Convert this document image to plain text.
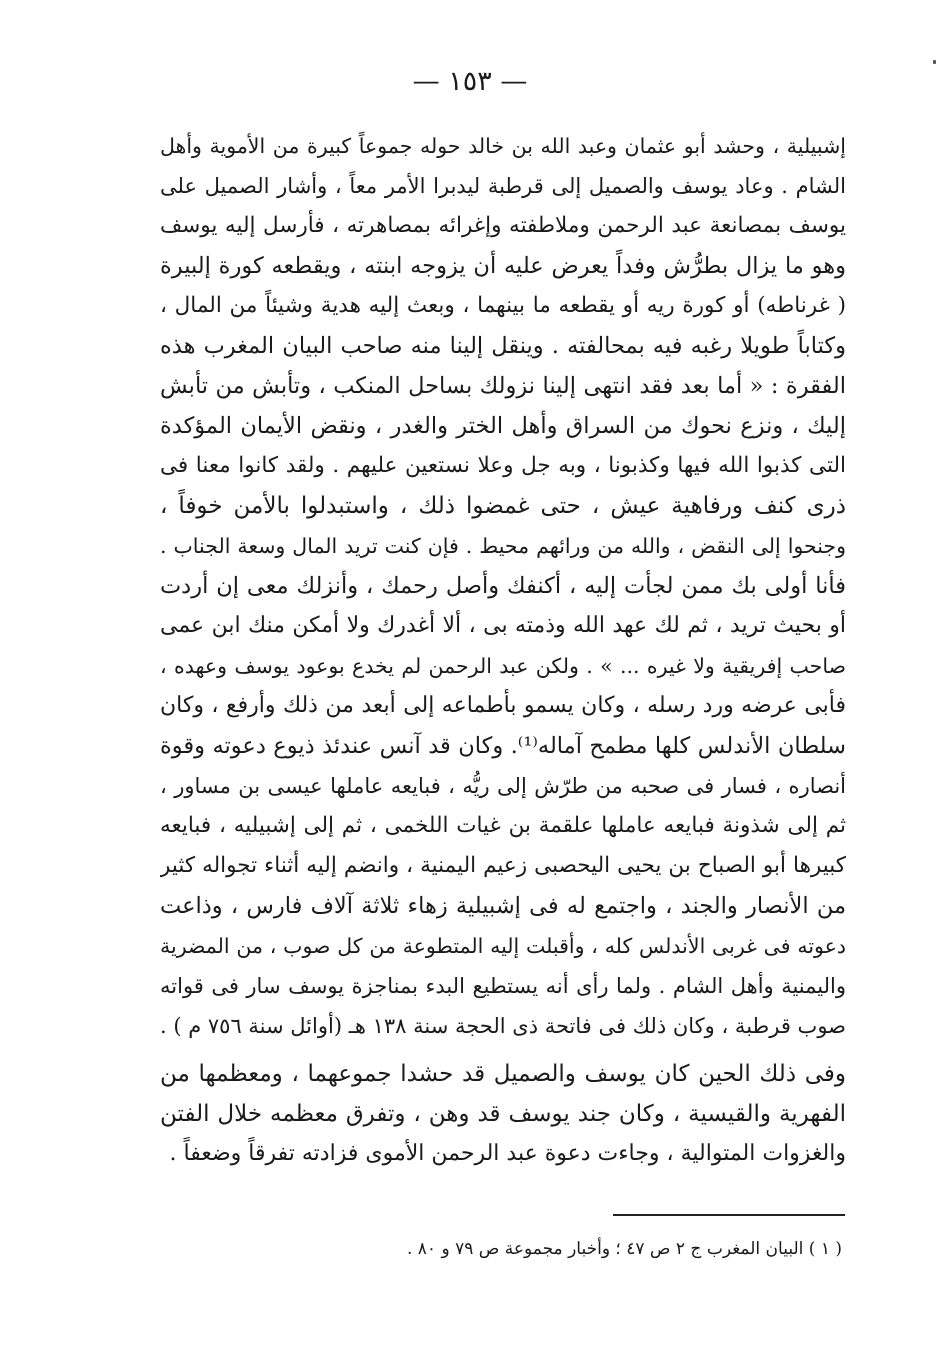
— ١٥٣ —
إشبيلية ، وحشد أبو عثمان وعبد الله بن خالد حوله جموعاً كبيرة من الأموية وأهل
الشام . وعاد يوسف والصميل إلى قرطبة ليدبرا الأمر معاً ، وأشار الصميل على
يوسف بمصانعة عبد الرحمن وملاطفته وإغرائه بمصاهرته ، فأرسل إليه يوسف
وهو ما يزال بطرُّش وفداً يعرض عليه أن يزوجه ابنته ، ويقطعه كورة إلبيرة
( غرناطه) أو كورة ريه أو يقطعه ما بينهما ، وبعث إليه هدية وشيئاً من المال ،
وكتاباً طويلا رغبه فيه بمحالفته . وينقل إلينا منه صاحب البيان المغرب هذه
الفقرة : « أما بعد فقد انتهى إلينا نزولك بساحل المنكب ، وتأبش من تأبش
إليك ، ونزع نحوك من السراق وأهل الختر والغدر ، ونقض الأيمان المؤكدة
التى كذبوا الله فيها وكذبونا ، وبه جل وعلا نستعين عليهم . ولقد كانوا معنا فى
ذرى كنف ورفاهية عيش ، حتى غمضوا ذلك ، واستبدلوا بالأمن خوفاً ،
وجنحوا إلى النقض ، والله من ورائهم محيط . فإن كنت تريد المال وسعة الجناب .
فأنا أولى بك ممن لجأت إليه ، أكنفك وأصل رحمك ، وأنزلك معى إن أردت
أو بحيث تريد ، ثم لك عهد الله وذمته بى ، ألا أغدرك ولا أمكن منك ابن عمى
صاحب إفريقية ولا غيره ... » . ولكن عبد الرحمن لم يخدع بوعود يوسف وعهده ،
فأبى عرضه ورد رسله ، وكان يسمو بأطماعه إلى أبعد من ذلك وأرفع ، وكان
سلطان الأندلس كلها مطمح آماله⁽¹⁾. وكان قد آنس عندئذ ذيوع دعوته وقوة
أنصاره ، فسار فى صحبه من طرّش إلى ريُّه ، فبايعه عاملها عيسى بن مساور ،
ثم إلى شذونة فبايعه عاملها علقمة بن غيات اللخمى ، ثم إلى إشبيليه ، فبايعه
كبيرها أبو الصباح بن يحيى اليحصبى زعيم اليمنية ، وانضم إليه أثناء تجواله كثير
من الأنصار والجند ، واجتمع له فى إشبيلية زهاء ثلاثة آلاف فارس ، وذاعت
دعوته فى غربى الأندلس كله ، وأقبلت إليه المتطوعة من كل صوب ، من المضرية
واليمنية وأهل الشام . ولما رأى أنه يستطيع البدء بمناجزة يوسف سار فى قواته
صوب قرطبة ، وكان ذلك فى فاتحة ذى الحجة سنة ١٣٨ هـ (أوائل سنة ٧٥٦ م ) .
وفى ذلك الحين كان يوسف والصميل قد حشدا جموعهما ، ومعظمها من
الفهرية والقيسية ، وكان جند يوسف قد وهن ، وتفرق معظمه خلال الفتن
والغزوات المتوالية ، وجاءت دعوة عبد الرحمن الأموى فزادته تفرقاً وضعفاً .
( ١ ) البيان المغرب ج ٢ ص ٤٧ ؛ وأخبار مجموعة ص ٧٩ و ٨٠ .
